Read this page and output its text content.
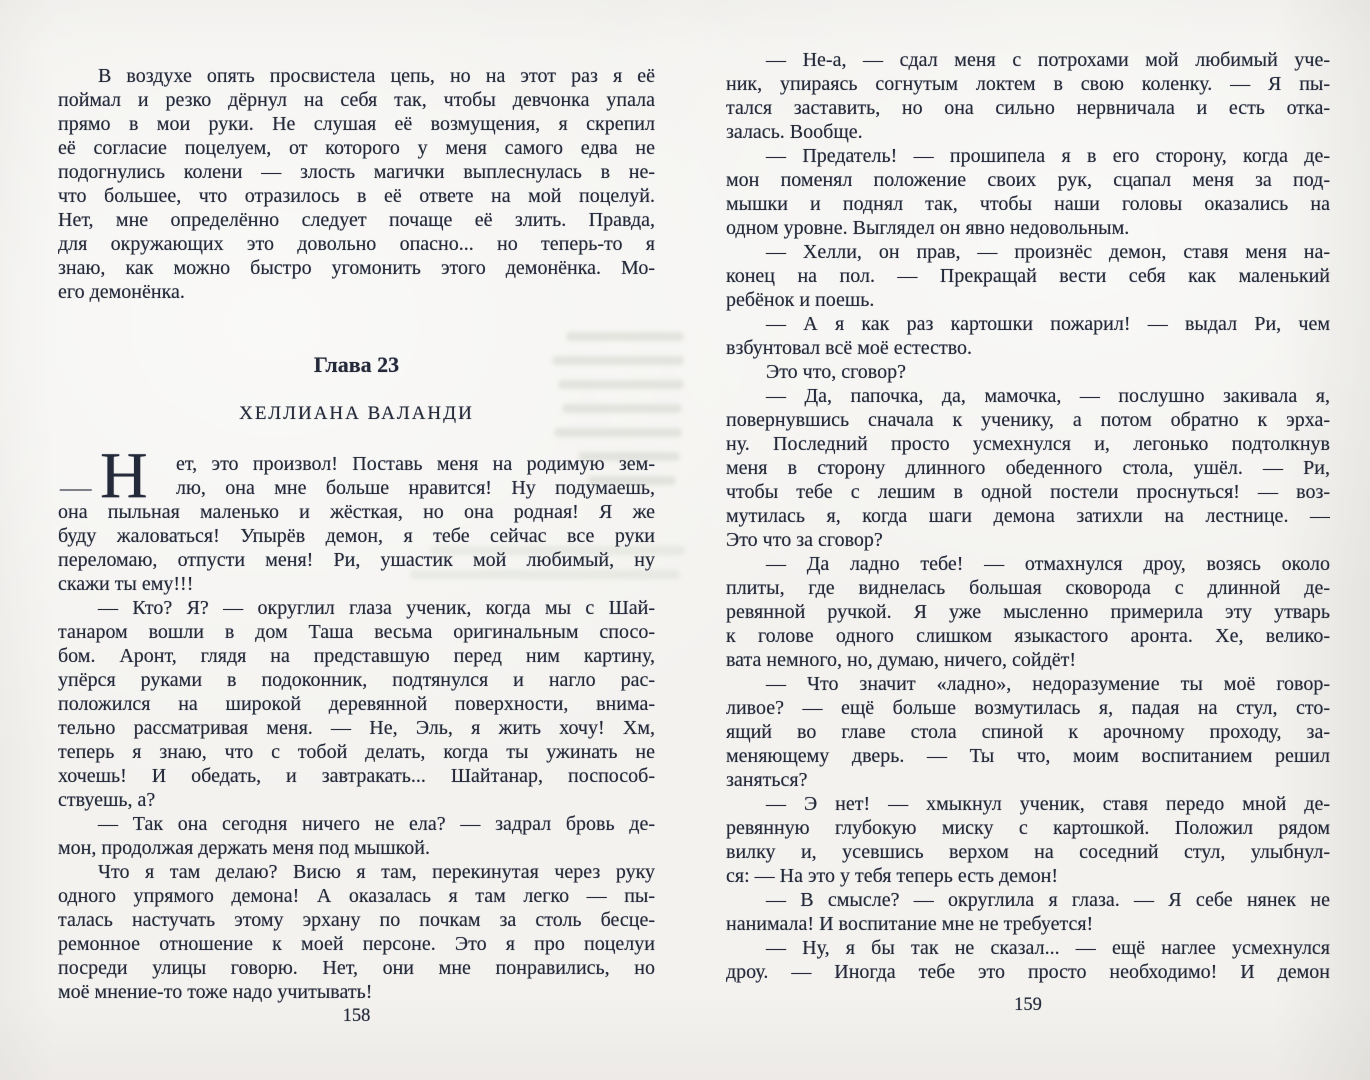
В воздухе опять просвистела цепь, но на этот раз я её
поймал и резко дёрнул на себя так, чтобы девчонка упала
прямо в мои руки. Не слушая её возмущения, я скрепил
её согласие поцелуем, от которого у меня самого едва не
подогнулись колени — злость магички выплеснулась в не-
что большее, что отразилось в её ответе на мой поцелуй.
Нет, мне определённо следует почаще её злить. Правда,
для окружающих это довольно опасно... но теперь-то я
знаю, как можно быстро угомонить этого демонёнка. Мо-
его демонёнка.
Глава 23
ХЕЛЛИАНА ВАЛАНДИ
— Н	ет, это произвол! Поставь меня на родимую зем-
лю, она мне больше нравится! Ну подумаешь,
она пыльная маленько и жёсткая, но она родная! Я же
буду жаловаться! Упырёв демон, я тебе сейчас все руки
переломаю, отпусти меня! Ри, ушастик мой любимый, ну
скажи ты ему!!!
— Кто? Я? — округлил глаза ученик, когда мы с Шай-
танаром вошли в дом Таша весьма оригинальным спосо-
бом. Аронт, глядя на представшую перед ним картину,
упёрся руками в подоконник, подтянулся и нагло рас-
положился на широкой деревянной поверхности, внима-
тельно рассматривая меня. — Не, Эль, я жить хочу! Хм,
теперь я знаю, что с тобой делать, когда ты ужинать не
хочешь! И обедать, и завтракать... Шайтанар, поспособ-
ствуешь, а?
— Так она сегодня ничего не ела? — задрал бровь де-
мон, продолжая держать меня под мышкой.
Что я там делаю? Висю я там, перекинутая через руку
одного упрямого демона! А оказалась я там легко — пы-
талась настучать этому эрхану по почкам за столь бесце-
ремонное отношение к моей персоне. Это я про поцелуи
посреди улицы говорю. Нет, они мне понравились, но
моё мнение-то тоже надо учитывать!
158
— Не-а, — сдал меня с потрохами мой любимый уче-
ник, упираясь согнутым локтем в свою коленку. — Я пы-
тался заставить, но она сильно нервничала и есть отка-
залась. Вообще.
— Предатель! — прошипела я в его сторону, когда де-
мон поменял положение своих рук, сцапал меня за под-
мышки и поднял так, чтобы наши головы оказались на
одном уровне. Выглядел он явно недовольным.
— Хелли, он прав, — произнёс демон, ставя меня на-
конец на пол. — Прекращай вести себя как маленький
ребёнок и поешь.
— А я как раз картошки пожарил! — выдал Ри, чем
взбунтовал всё моё естество.
Это что, сговор?
— Да, папочка, да, мамочка, — послушно закивала я,
повернувшись сначала к ученику, а потом обратно к эрха-
ну. Последний просто усмехнулся и, легонько подтолкнув
меня в сторону длинного обеденного стола, ушёл. — Ри,
чтобы тебе с лешим в одной постели проснуться! — воз-
мутилась я, когда шаги демона затихли на лестнице. —
Это что за сговор?
— Да ладно тебе! — отмахнулся дроу, возясь около
плиты, где виднелась большая сковорода с длинной де-
ревянной ручкой. Я уже мысленно примерила эту утварь
к голове одного слишком языкастого аронта. Хе, велико-
вата немного, но, думаю, ничего, сойдёт!
— Что значит «ладно», недоразумение ты моё говор-
ливое? — ещё больше возмутилась я, падая на стул, сто-
ящий во главе стола спиной к арочному проходу, за-
меняющему дверь. — Ты что, моим воспитанием решил
заняться?
— Э нет! — хмыкнул ученик, ставя передо мной де-
ревянную глубокую миску с картошкой. Положил рядом
вилку и, усевшись верхом на соседний стул, улыбнул-
ся: — На это у тебя теперь есть демон!
— В смысле? — округлила я глаза. — Я себе нянек не
нанимала! И воспитание мне не требуется!
— Ну, я бы так не сказал... — ещё наглее усмехнулся
дроу. — Иногда тебе это просто необходимо! И демон
159
